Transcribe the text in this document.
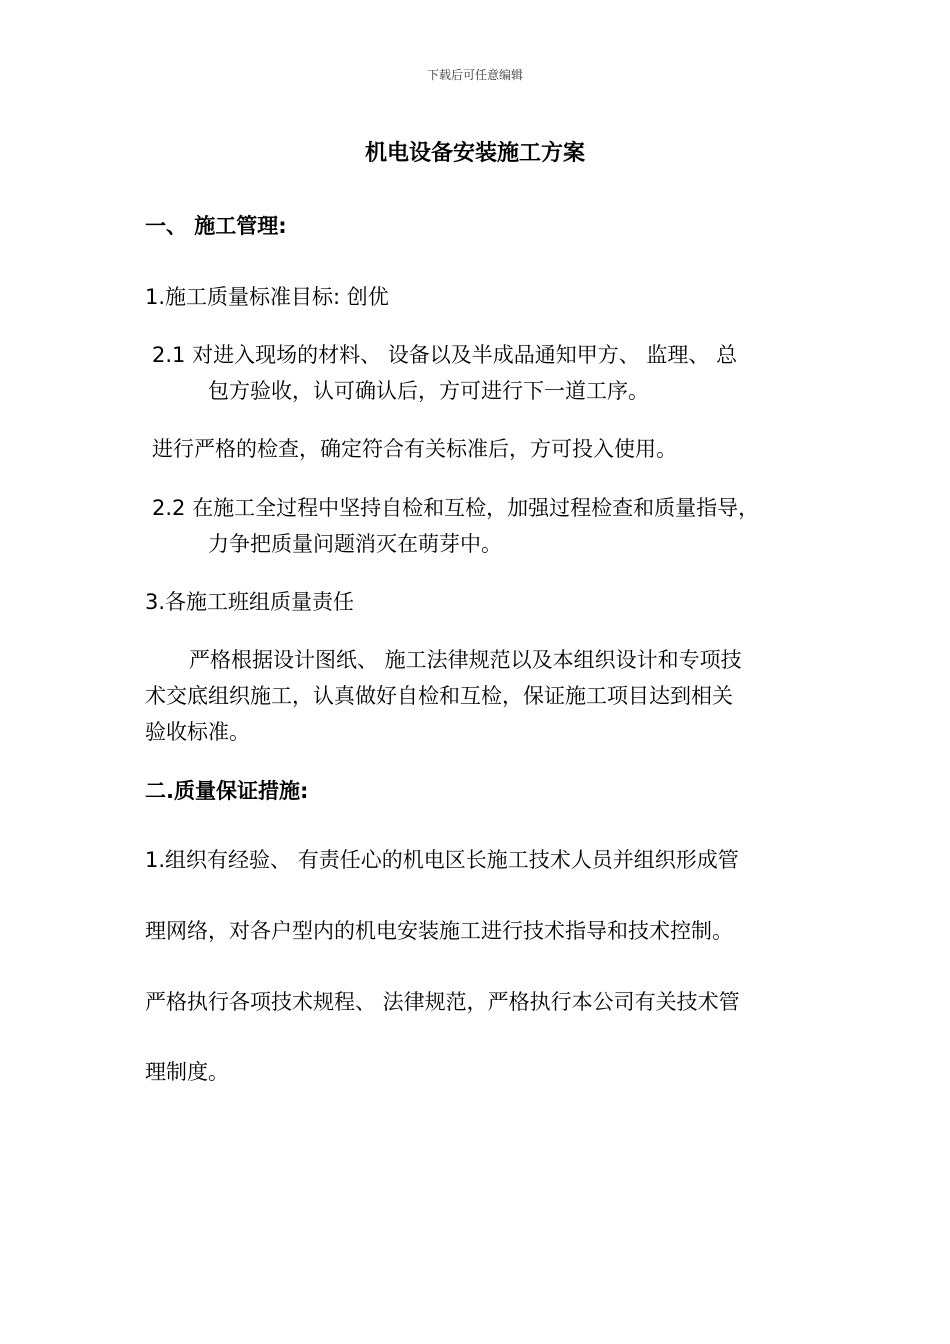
下载后可任意编辑
机电设备安装施工方案
一、 施工管理:
1.施工质量标准目标: 创优
2.1 对进入现场的材料、 设备以及半成品通知甲方、 监理、 总
包方验收，认可确认后，方可进行下一道工序。
进行严格的检查，确定符合有关标准后，方可投入使用。
2.2 在施工全过程中坚持自检和互检，加强过程检查和质量指导，
力争把质量问题消灭在萌芽中。
3.各施工班组质量责任
严格根据设计图纸、 施工法律规范以及本组织设计和专项技
术交底组织施工，认真做好自检和互检，保证施工项目达到相关
验收标准。
二.质量保证措施:
1.组织有经验、 有责任心的机电区长施工技术人员并组织形成管
理网络，对各户型内的机电安装施工进行技术指导和技术控制。
严格执行各项技术规程、 法律规范，严格执行本公司有关技术管
理制度。
